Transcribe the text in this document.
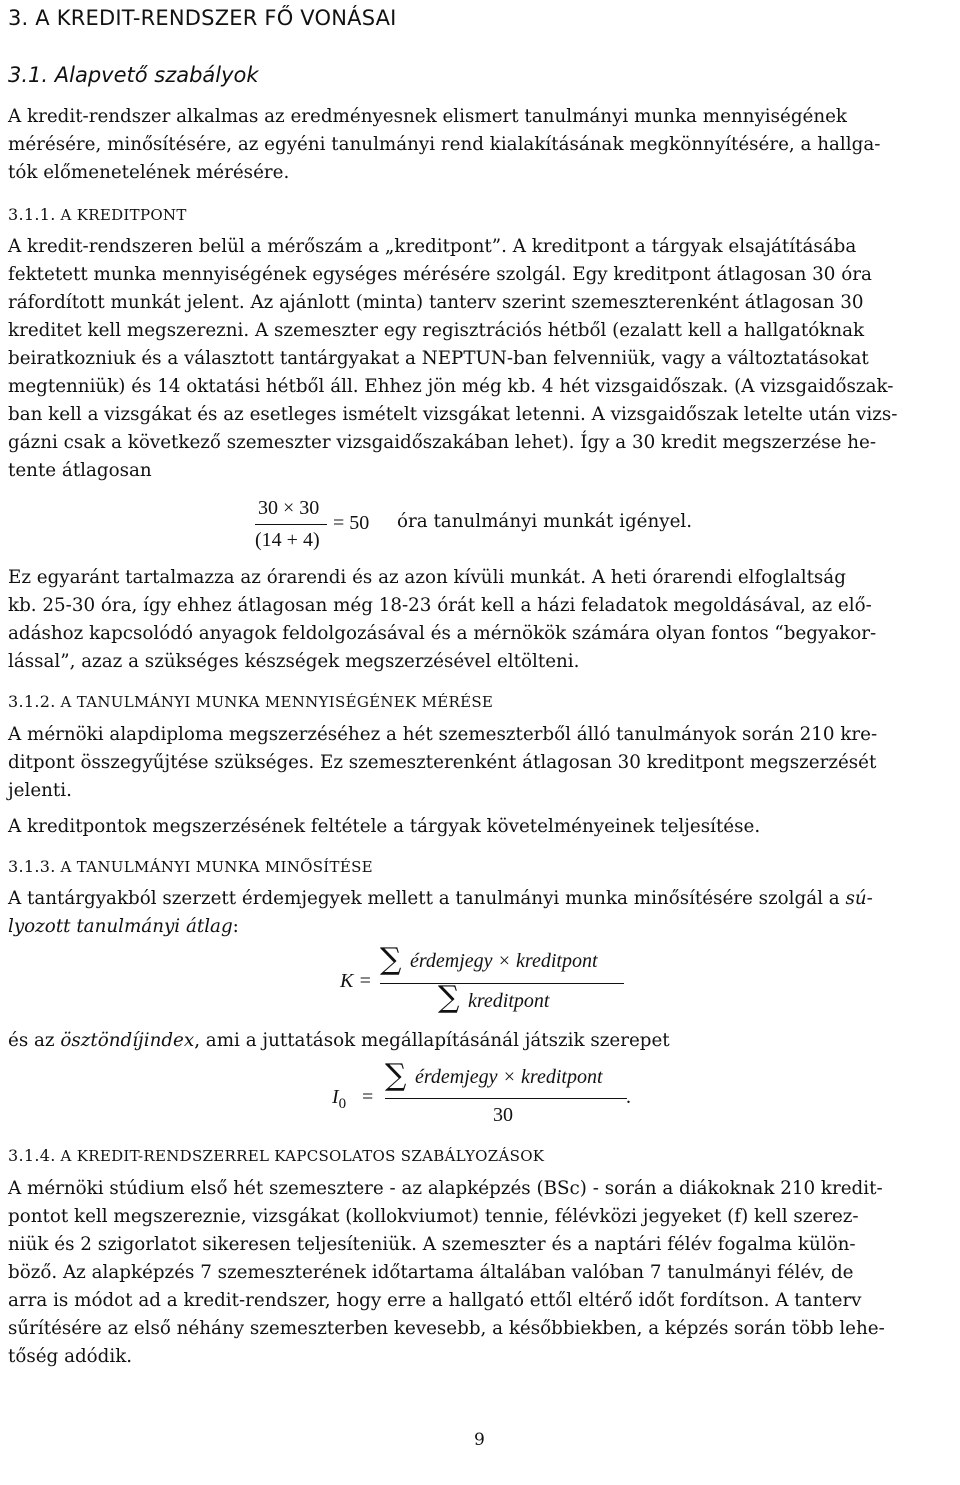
3. A KREDIT-RENDSZER FŐ VONÁSAI
3.1. Alapvető szabályok
A kredit-rendszer alkalmas az eredményesnek elismert tanulmányi munka mennyiségének
mérésére, minősítésére, az egyéni tanulmányi rend kialakításának megkönnyítésére, a hallga-
tók előmenetelének mérésére.
3.1.1. A KREDITPONT
A kredit-rendszeren belül a mérőszám a „kreditpont”. A kreditpont a tárgyak elsajátításába
fektetett munka mennyiségének egységes mérésére szolgál. Egy kreditpont átlagosan 30 óra
ráfordított munkát jelent. Az ajánlott (minta) tanterv szerint szemeszterenként átlagosan 30
kreditet kell megszerezni. A szemeszter egy regisztrációs hétből (ezalatt kell a hallgatóknak
beiratkozniuk és a választott tantárgyakat a NEPTUN-ban felvenniük, vagy a változtatásokat
megtenniük) és 14 oktatási hétből áll. Ehhez jön még kb. 4 hét vizsgaidőszak. (A vizsgaidőszak-
ban kell a vizsgákat és az esetleges ismételt vizsgákat letenni. A vizsgaidőszak letelte után vizs-
gázni csak a következő szemeszter vizsgaidőszakában lehet). Így a 30 kredit megszerzése he-
tente átlagosan
30 × 30
(14 + 4)
= 50 óra tanulmányi munkát igényel.
Ez egyaránt tartalmazza az órarendi és az azon kívüli munkát. A heti órarendi elfoglaltság
kb. 25-30 óra, így ehhez átlagosan még 18-23 órát kell a házi feladatok megoldásával, az elő-
adáshoz kapcsolódó anyagok feldolgozásával és a mérnökök számára olyan fontos “begyakor-
lással”, azaz a szükséges készségek megszerzésével eltölteni.
3.1.2. A TANULMÁNYI MUNKA MENNYISÉGÉNEK MÉRÉSE
A mérnöki alapdiploma megszerzéséhez a hét szemeszterből álló tanulmányok során 210 kre-
ditpont összegyűjtése szükséges. Ez szemeszterenként átlagosan 30 kreditpont megszerzését
jelenti.
A kreditpontok megszerzésének feltétele a tárgyak követelményeinek teljesítése.
3.1.3. A TANULMÁNYI MUNKA MINŐSÍTÉSE
A tantárgyakból szerzett érdemjegyek mellett a tanulmányi munka minősítésére szolgál a sú-
lyozott tanulmányi átlag:
K =
∑ érdemjegy × kreditpont
∑ kreditpont
és az ösztöndíjindex, ami a juttatások megállapításánál játszik szerepet
$I_0$ =
∑ érdemjegy × kreditpont
30
.
3.1.4. A KREDIT-RENDSZERREL KAPCSOLATOS SZABÁLYOZÁSOK
A mérnöki stúdium első hét szemesztere - az alapképzés (BSc) - során a diákoknak 210 kredit-
pontot kell megszereznie, vizsgákat (kollokviumot) tennie, félévközi jegyeket (f) kell szerez-
niük és 2 szigorlatot sikeresen teljesíteniük. A szemeszter és a naptári félév fogalma külön-
böző. Az alapképzés 7 szemeszterének időtartama általában valóban 7 tanulmányi félév, de
arra is módot ad a kredit-rendszer, hogy erre a hallgató ettől eltérő időt fordítson. A tanterv
sűrítésére az első néhány szemeszterben kevesebb, a későbbiekben, a képzés során több lehe-
tőség adódik.
9
